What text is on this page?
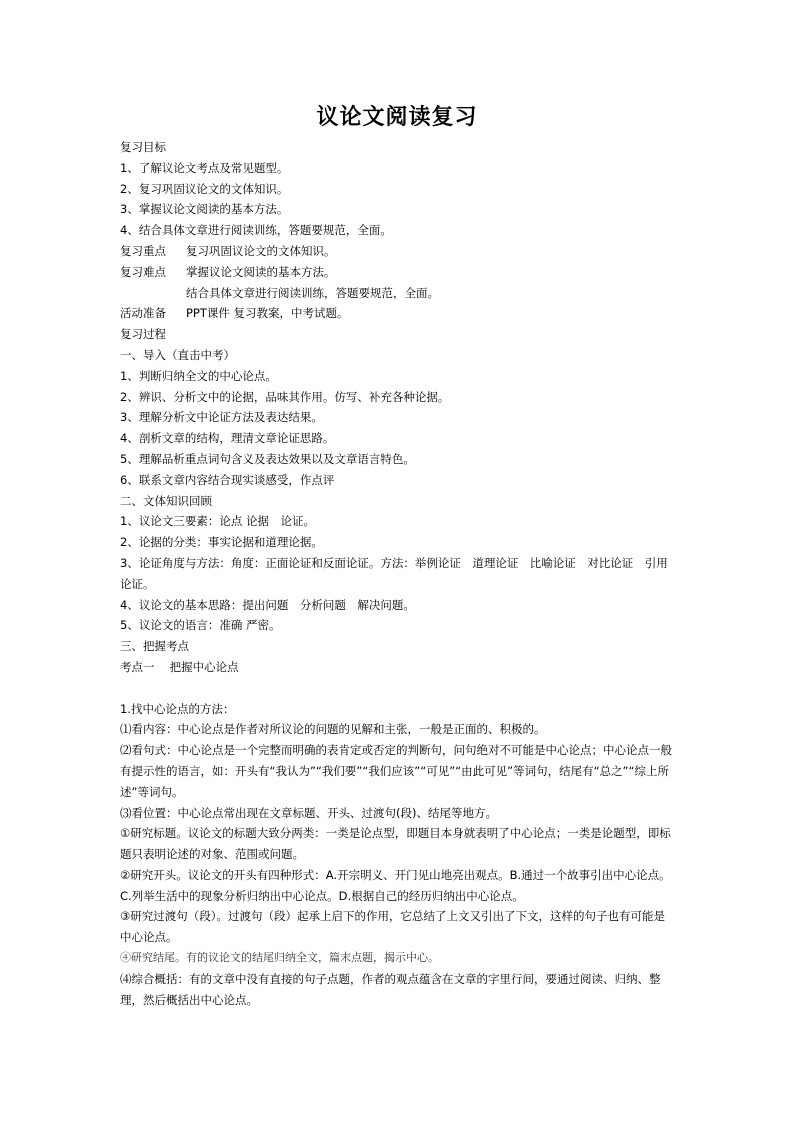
议论文阅读复习
复习目标
1、了解议论文考点及常见题型。
2、复习巩固议论文的文体知识。
3、掌握议论文阅读的基本方法。
4、结合具体文章进行阅读训练，答题要规范，全面。
复习重点 复习巩固议论文的文体知识。
复习难点 掌握议论文阅读的基本方法。
结合具体文章进行阅读训练，答题要规范，全面。
活动准备 PPT课件 复习教案，中考试题。
复习过程
一、导入（直击中考）
1、判断归纳全文的中心论点。
2、辨识、分析文中的论据，品味其作用。仿写、补充各种论据。
3、理解分析文中论证方法及表达结果。
4、剖析文章的结构，理清文章论证思路。
5、理解品析重点词句含义及表达效果以及文章语言特色。
6、联系文章内容结合现实谈感受，作点评
二、文体知识回顾
1、议论文三要素：论点 论据　论证。
2、论据的分类：事实论据和道理论据。
3、论证角度与方法：角度：正面论证和反面论证。方法：举例论证　道理论证　比喻论证　对比论证　引用论证。
4、议论文的基本思路：提出问题　分析问题　解决问题。
5、议论文的语言：准确 严密。
三、把握考点
考点一　 把握中心论点
1.找中心论点的方法：
⑴看内容：中心论点是作者对所议论的问题的见解和主张，一般是正面的、积极的。
⑵看句式：中心论点是一个完整而明确的表肯定或否定的判断句，问句绝对不可能是中心论点；中心论点一般有提示性的语言，如：开头有“我认为”“我们要”“我们应该”“可见”“由此可见”等词句，结尾有“总之”“综上所述”等词句。
⑶看位置：中心论点常出现在文章标题、开头、过渡句(段)、结尾等地方。
①研究标题。议论文的标题大致分两类：一类是论点型，即题目本身就表明了中心论点；一类是论题型，即标题只表明论述的对象、范围或问题。
②研究开头。议论文的开头有四种形式：A.开宗明义、开门见山地亮出观点。B.通过一个故事引出中心论点。C.列举生活中的现象分析归纳出中心论点。D.根据自己的经历归纳出中心论点。
③研究过渡句（段）。过渡句（段）起承上启下的作用，它总结了上文又引出了下文，这样的句子也有可能是中心论点。
④研究结尾。有的议论文的结尾归纳全文，篇末点题，揭示中心。
⑷综合概括：有的文章中没有直接的句子点题，作者的观点蕴含在文章的字里行间，要通过阅读、归纳、整理，然后概括出中心论点。
